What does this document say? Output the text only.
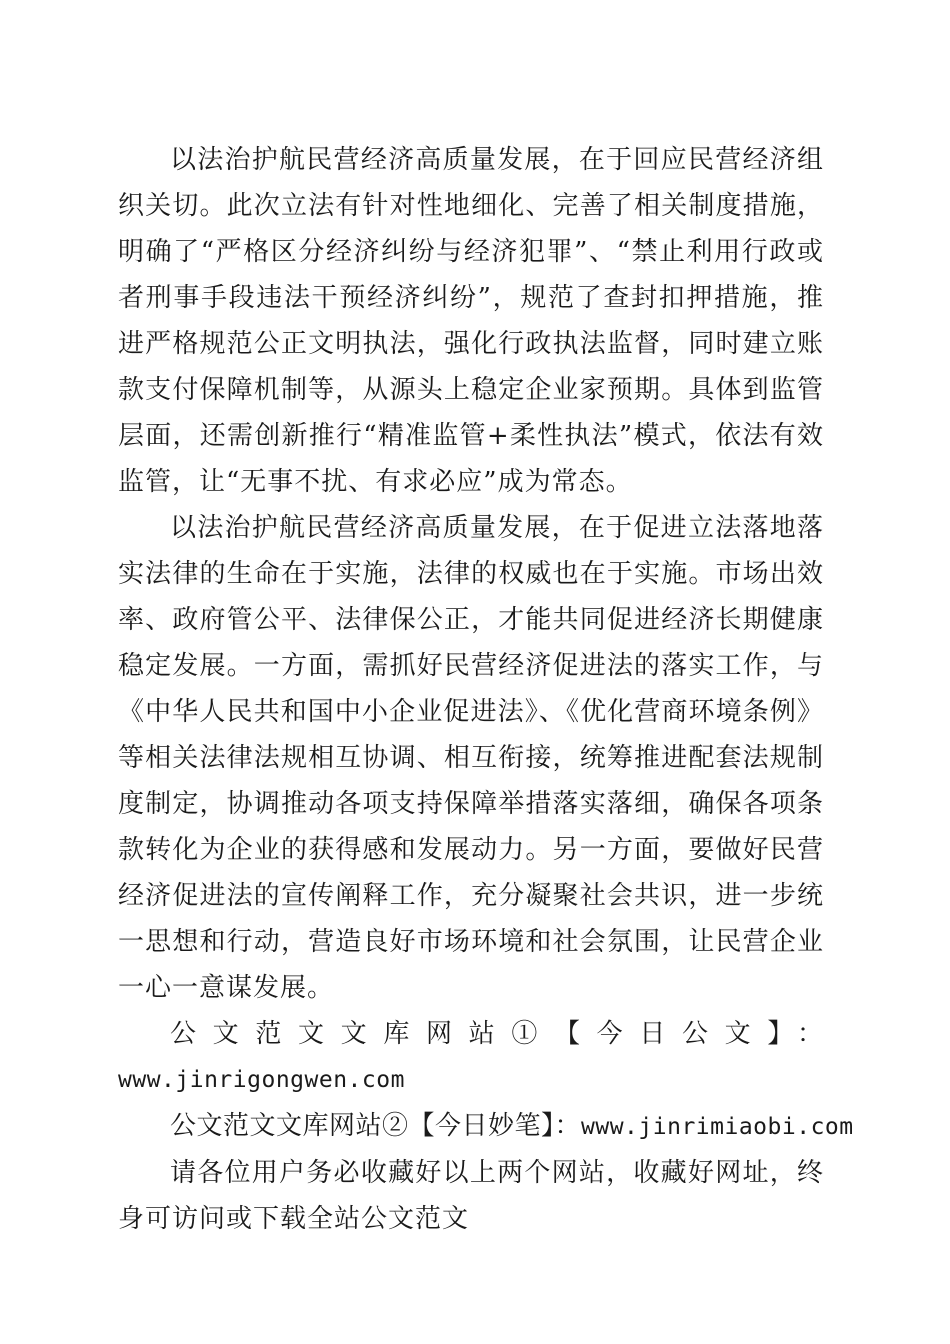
以法治护航民营经济高质量发展，在于回应民营经济组织关切。此次立法有针对性地细化、完善了相关制度措施，明确了“严格区分经济纠纷与经济犯罪”、“禁止利用行政或者刑事手段违法干预经济纠纷”，规范了查封扣押措施，推进严格规范公正文明执法，强化行政执法监督，同时建立账款支付保障机制等，从源头上稳定企业家预期。具体到监管层面，还需创新推行“精准监管+柔性执法”模式，依法有效监管，让“无事不扰、有求必应”成为常态。

以法治护航民营经济高质量发展，在于促进立法落地落实法律的生命在于实施，法律的权威也在于实施。市场出效率、政府管公平、法律保公正，才能共同促进经济长期健康稳定发展。一方面，需抓好民营经济促进法的落实工作，与《中华人民共和国中小企业促进法》、《优化营商环境条例》等相关法律法规相互协调、相互衔接，统筹推进配套法规制度制定，协调推动各项支持保障举措落实落细，确保各项条款转化为企业的获得感和发展动力。另一方面，要做好民营经济促进法的宣传阐释工作，充分凝聚社会共识，进一步统一思想和行动，营造良好市场环境和社会氛围，让民营企业一心一意谋发展。

公文范文文库网站①【今日公文】：
www.jinrigongwen.com

公文范文文库网站②【今日妙笔】：www.jinrimiaobi.com

请各位用户务必收藏好以上两个网站，收藏好网址，终身可访问或下载全站公文范文
